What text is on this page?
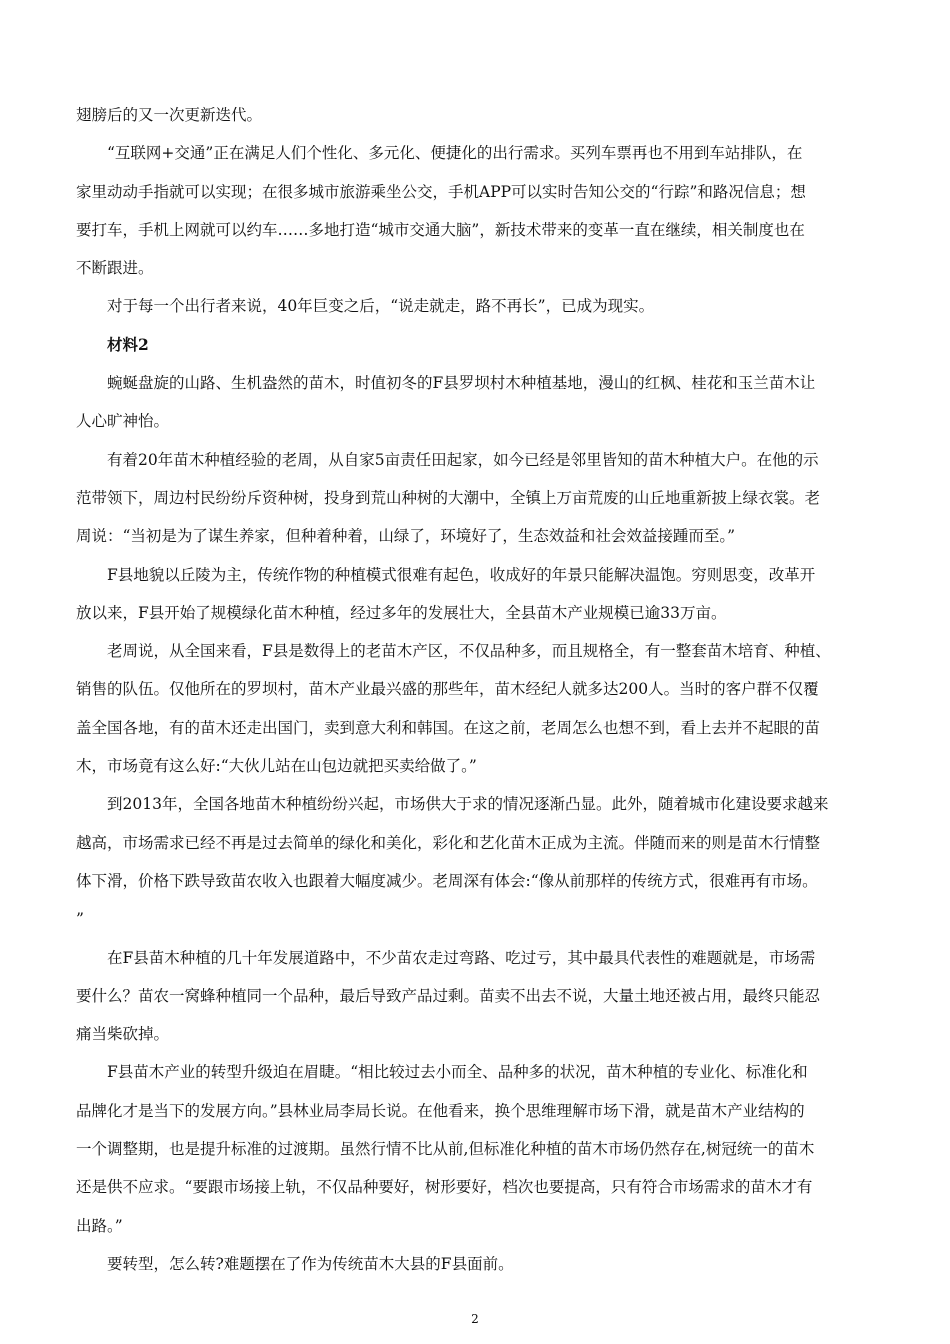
翅膀后的又一次更新迭代。
“互联网+交通”正在满足人们个性化、多元化、便捷化的出行需求。买列车票再也不用到车站排队，在
家里动动手指就可以实现；在很多城市旅游乘坐公交，手机APP可以实时告知公交的“行踪”和路况信息；想
要打车，手机上网就可以约车……多地打造“城市交通大脑”，新技术带来的变革一直在继续，相关制度也在
不断跟进。
对于每一个出行者来说，40年巨变之后，“说走就走，路不再长”，已成为现实。
材料2
蜿蜒盘旋的山路、生机盎然的苗木，时值初冬的F县罗坝村木种植基地，漫山的红枫、桂花和玉兰苗木让
人心旷神怡。
有着20年苗木种植经验的老周，从自家5亩责任田起家，如今已经是邻里皆知的苗木种植大户。在他的示
范带领下，周边村民纷纷斥资种树，投身到荒山种树的大潮中，全镇上万亩荒废的山丘地重新披上绿衣裳。老
周说：“当初是为了谋生养家，但种着种着，山绿了，环境好了，生态效益和社会效益接踵而至。”
F县地貌以丘陵为主，传统作物的种植模式很难有起色，收成好的年景只能解决温饱。穷则思变，改革开
放以来，F县开始了规模绿化苗木种植，经过多年的发展壮大，全县苗木产业规模已逾33万亩。
老周说，从全国来看，F县是数得上的老苗木产区，不仅品种多，而且规格全，有一整套苗木培育、种植、
销售的队伍。仅他所在的罗坝村，苗木产业最兴盛的那些年，苗木经纪人就多达200人。当时的客户群不仅覆
盖全国各地，有的苗木还走出国门，卖到意大利和韩国。在这之前，老周怎么也想不到，看上去并不起眼的苗
木，市场竟有这么好:“大伙儿站在山包边就把买卖给做了。”
到2013年，全国各地苗木种植纷纷兴起，市场供大于求的情况逐渐凸显。此外，随着城市化建设要求越来
越高，市场需求已经不再是过去简单的绿化和美化，彩化和艺化苗木正成为主流。伴随而来的则是苗木行情整
体下滑，价格下跌导致苗农收入也跟着大幅度减少。老周深有体会:“像从前那样的传统方式，很难再有市场。
”
在F县苗木种植的几十年发展道路中，不少苗农走过弯路、吃过亏，其中最具代表性的难题就是，市场需
要什么？苗农一窝蜂种植同一个品种，最后导致产品过剩。苗卖不出去不说，大量土地还被占用，最终只能忍
痛当柴砍掉。
F县苗木产业的转型升级迫在眉睫。“相比较过去小而全、品种多的状况，苗木种植的专业化、标准化和
品牌化才是当下的发展方向。”县林业局李局长说。在他看来，换个思维理解市场下滑，就是苗木产业结构的
一个调整期，也是提升标准的过渡期。虽然行情不比从前,但标准化种植的苗木市场仍然存在,树冠统一的苗木
还是供不应求。“要跟市场接上轨，不仅品种要好，树形要好，档次也要提高，只有符合市场需求的苗木才有
出路。”
要转型，怎么转?难题摆在了作为传统苗木大县的F县面前。
2
